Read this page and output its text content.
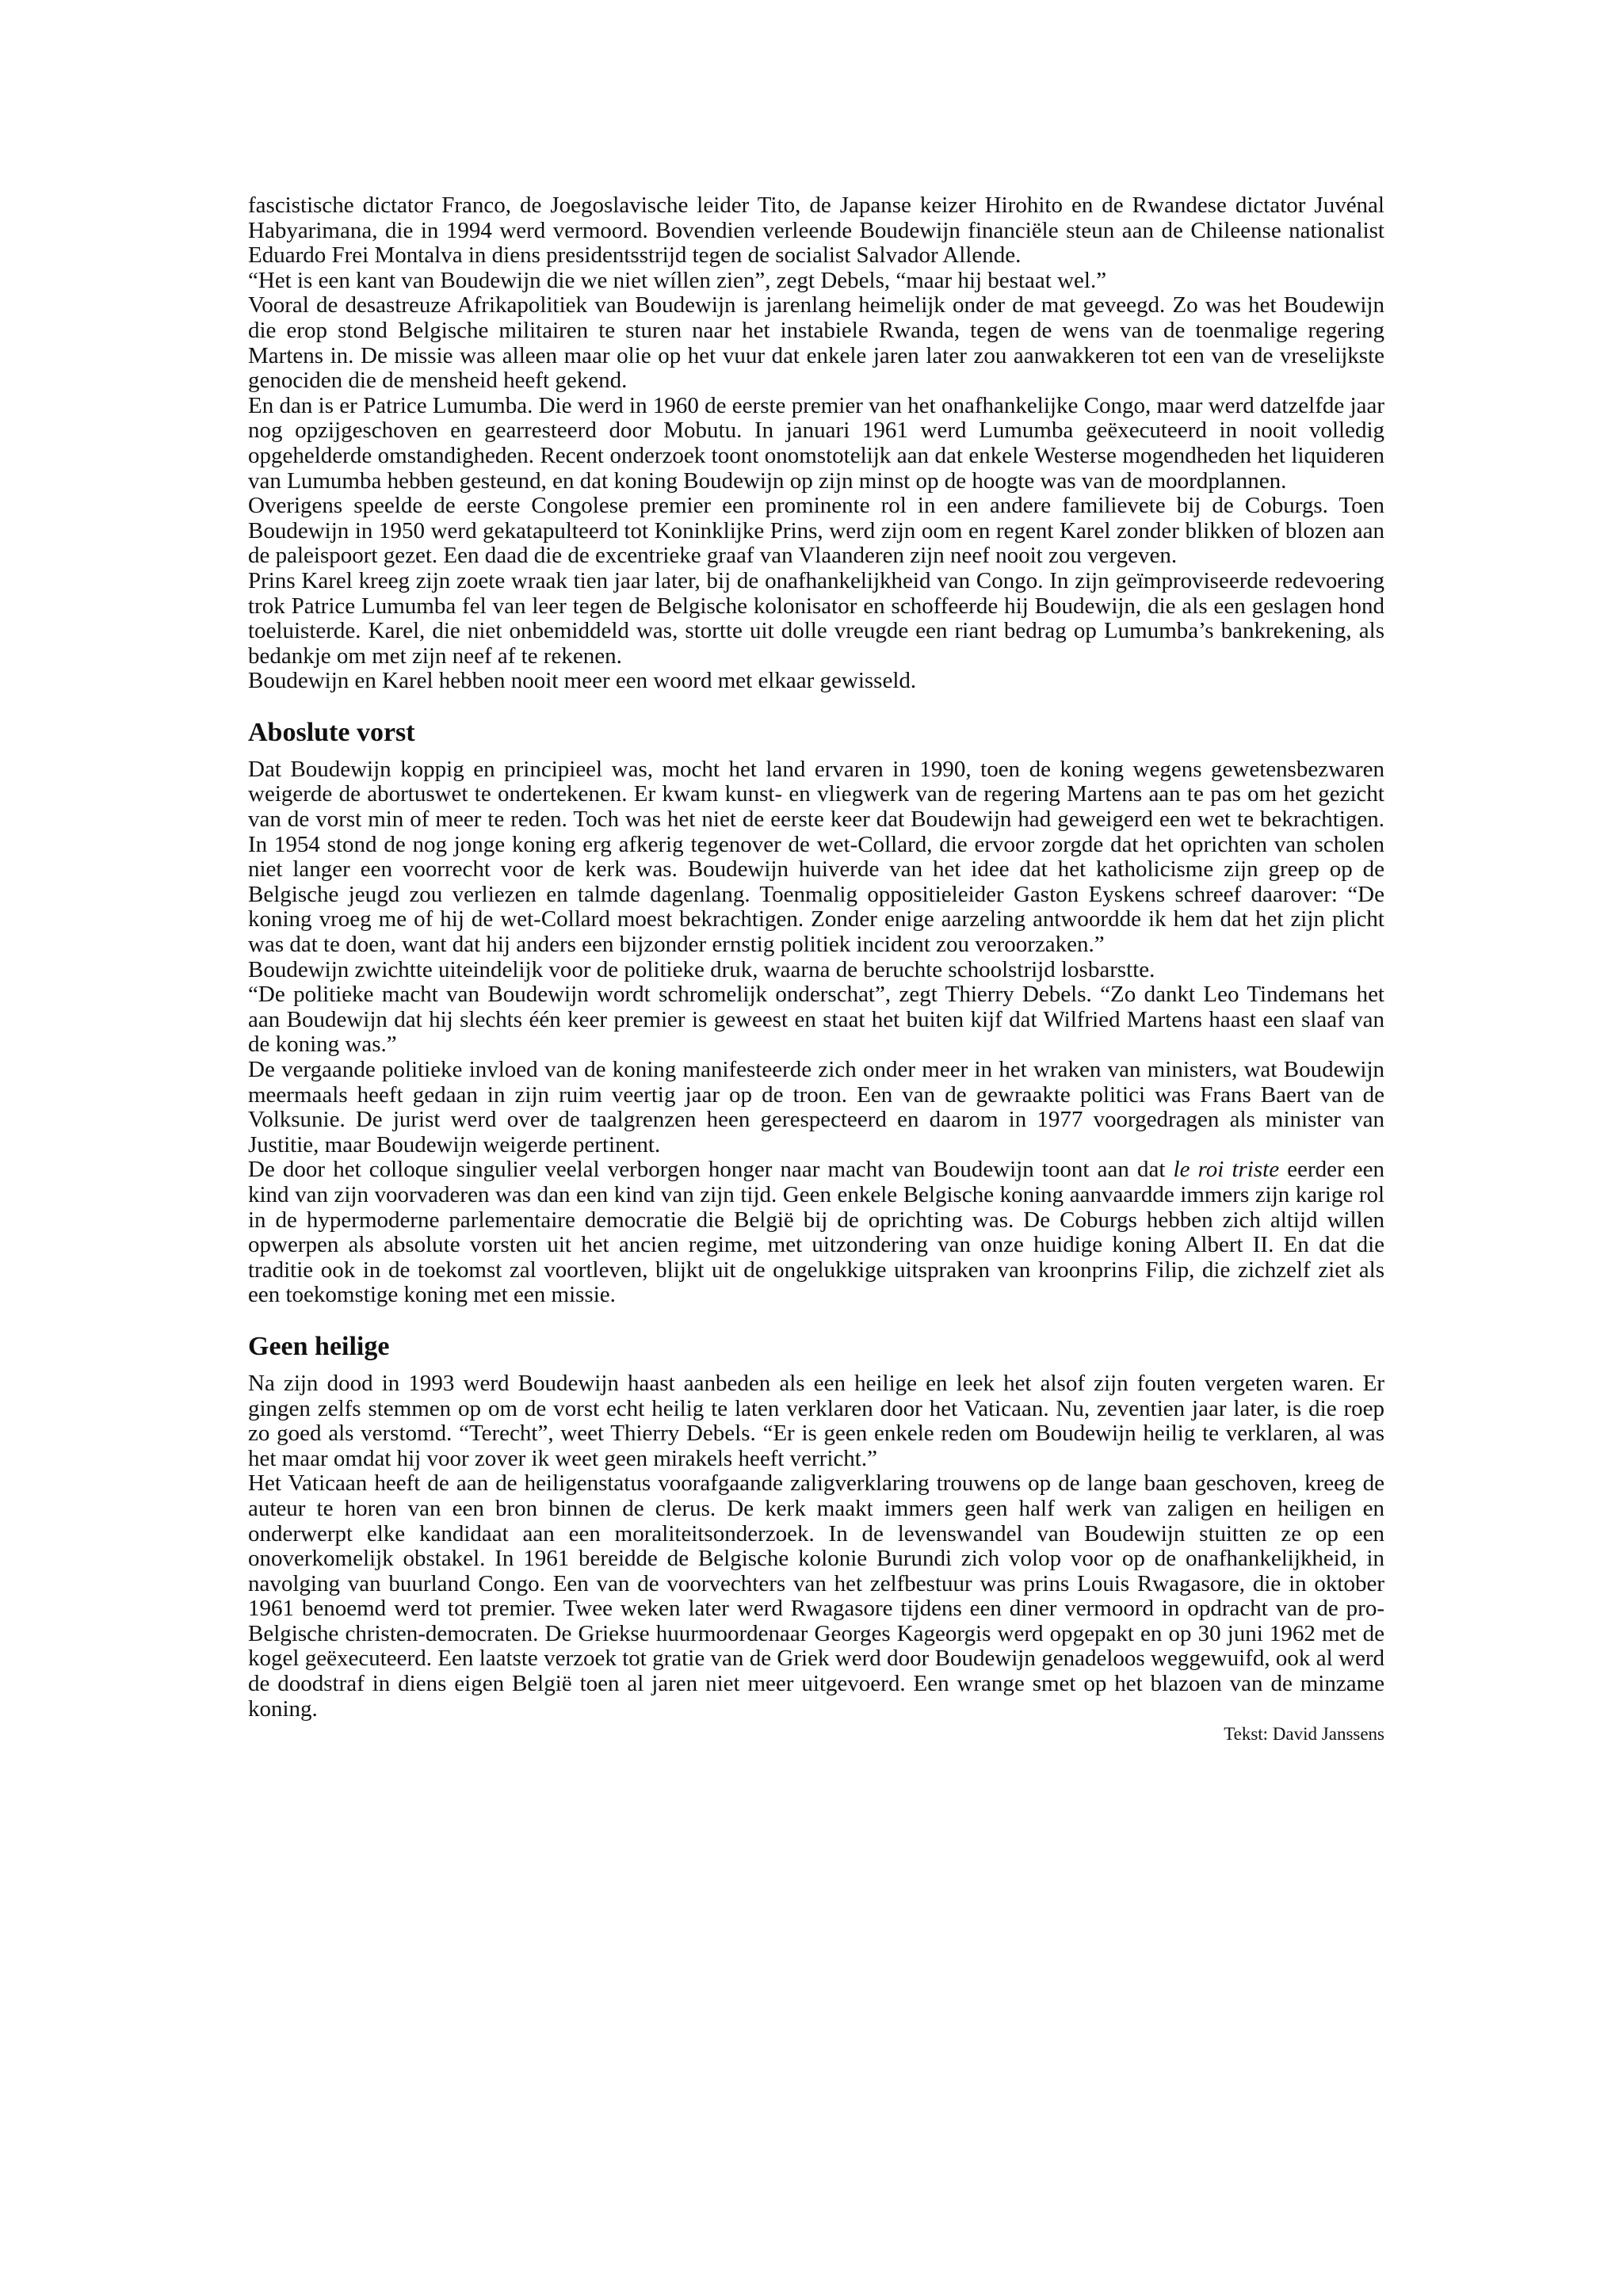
fascistische dictator Franco, de Joegoslavische leider Tito, de Japanse keizer Hirohito en de Rwandese dictator Juvénal Habyarimana, die in 1994 werd vermoord. Bovendien verleende Boudewijn financiële steun aan de Chileense nationalist Eduardo Frei Montalva in diens presidentsstrijd tegen de socialist Salvador Allende.

“Het is een kant van Boudewijn die we niet wíllen zien”, zegt Debels, “maar hij bestaat wel.”

Vooral de desastreuze Afrikapolitiek van Boudewijn is jarenlang heimelijk onder de mat geveegd. Zo was het Boudewijn die erop stond Belgische militairen te sturen naar het instabiele Rwanda, tegen de wens van de toenmalige regering Martens in. De missie was alleen maar olie op het vuur dat enkele jaren later zou aanwakkeren tot een van de vreselijkste genociden die de mensheid heeft gekend.

En dan is er Patrice Lumumba. Die werd in 1960 de eerste premier van het onafhankelijke Congo, maar werd datzelfde jaar nog opzijgeschoven en gearresteerd door Mobutu. In januari 1961 werd Lumumba geëxecuteerd in nooit volledig opgehelderde omstandigheden. Recent onderzoek toont onomstotelijk aan dat enkele Westerse mogendheden het liquideren van Lumumba hebben gesteund, en dat koning Boudewijn op zijn minst op de hoogte was van de moordplannen.

Overigens speelde de eerste Congolese premier een prominente rol in een andere familievete bij de Coburgs. Toen Boudewijn in 1950 werd gekatapulteerd tot Koninklijke Prins, werd zijn oom en regent Karel zonder blikken of blozen aan de paleispoort gezet. Een daad die de excentrieke graaf van Vlaanderen zijn neef nooit zou vergeven.

Prins Karel kreeg zijn zoete wraak tien jaar later, bij de onafhankelijkheid van Congo. In zijn geïmproviseerde redevoering trok Patrice Lumumba fel van leer tegen de Belgische kolonisator en schoffeerde hij Boudewijn, die als een geslagen hond toeluisterde. Karel, die niet onbemiddeld was, stortte uit dolle vreugde een riant bedrag op Lumumba’s bankrekening, als bedankje om met zijn neef af te rekenen.

Boudewijn en Karel hebben nooit meer een woord met elkaar gewisseld.

Aboslute vorst

Dat Boudewijn koppig en principieel was, mocht het land ervaren in 1990, toen de koning wegens gewetensbezwaren weigerde de abortuswet te ondertekenen. Er kwam kunst- en vliegwerk van de regering Martens aan te pas om het gezicht van de vorst min of meer te reden. Toch was het niet de eerste keer dat Boudewijn had geweigerd een wet te bekrachtigen. In 1954 stond de nog jonge koning erg afkerig tegenover de wet-Collard, die ervoor zorgde dat het oprichten van scholen niet langer een voorrecht voor de kerk was. Boudewijn huiverde van het idee dat het katholicisme zijn greep op de Belgische jeugd zou verliezen en talmde dagenlang. Toenmalig oppositieleider Gaston Eyskens schreef daarover: “De koning vroeg me of hij de wet-Collard moest bekrachtigen. Zonder enige aarzeling antwoordde ik hem dat het zijn plicht was dat te doen, want dat hij anders een bijzonder ernstig politiek incident zou veroorzaken.”

Boudewijn zwichtte uiteindelijk voor de politieke druk, waarna de beruchte schoolstrijd losbarstte.

“De politieke macht van Boudewijn wordt schromelijk onderschat”, zegt Thierry Debels. “Zo dankt Leo Tindemans het aan Boudewijn dat hij slechts één keer premier is geweest en staat het buiten kijf dat Wilfried Martens haast een slaaf van de koning was.”

De vergaande politieke invloed van de koning manifesteerde zich onder meer in het wraken van ministers, wat Boudewijn meermaals heeft gedaan in zijn ruim veertig jaar op de troon. Een van de gewraakte politici was Frans Baert van de Volksunie. De jurist werd over de taalgrenzen heen gerespecteerd en daarom in 1977 voorgedragen als minister van Justitie, maar Boudewijn weigerde pertinent.

De door het colloque singulier veelal verborgen honger naar macht van Boudewijn toont aan dat le roi triste eerder een kind van zijn voorvaderen was dan een kind van zijn tijd. Geen enkele Belgische koning aanvaardde immers zijn karige rol in de hypermoderne parlementaire democratie die België bij de oprichting was. De Coburgs hebben zich altijd willen opwerpen als absolute vorsten uit het ancien regime, met uitzondering van onze huidige koning Albert II. En dat die traditie ook in de toekomst zal voortleven, blijkt uit de ongelukkige uitspraken van kroonprins Filip, die zichzelf ziet als een toekomstige koning met een missie.

Geen heilige

Na zijn dood in 1993 werd Boudewijn haast aanbeden als een heilige en leek het alsof zijn fouten vergeten waren. Er gingen zelfs stemmen op om de vorst echt heilig te laten verklaren door het Vaticaan. Nu, zeventien jaar later, is die roep zo goed als verstomd. “Terecht”, weet Thierry Debels. “Er is geen enkele reden om Boudewijn heilig te verklaren, al was het maar omdat hij voor zover ik weet geen mirakels heeft verricht.”

Het Vaticaan heeft de aan de heiligenstatus voorafgaande zaligverklaring trouwens op de lange baan geschoven, kreeg de auteur te horen van een bron binnen de clerus. De kerk maakt immers geen half werk van zaligen en heiligen en onderwerpt elke kandidaat aan een moraliteitsonderzoek. In de levenswandel van Boudewijn stuitten ze op een onoverkomelijk obstakel. In 1961 bereidde de Belgische kolonie Burundi zich volop voor op de onafhankelijkheid, in navolging van buurland Congo. Een van de voorvechters van het zelfbestuur was prins Louis Rwagasore, die in oktober 1961 benoemd werd tot premier. Twee weken later werd Rwagasore tijdens een diner vermoord in opdracht van de pro-Belgische christen-democraten. De Griekse huurmoordenaar Georges Kageorgis werd opgepakt en op 30 juni 1962 met de kogel geëxecuteerd. Een laatste verzoek tot gratie van de Griek werd door Boudewijn genadeloos weggewuifd, ook al werd de doodstraf in diens eigen België toen al jaren niet meer uitgevoerd. Een wrange smet op het blazoen van de minzame koning.

Tekst: David Janssens
